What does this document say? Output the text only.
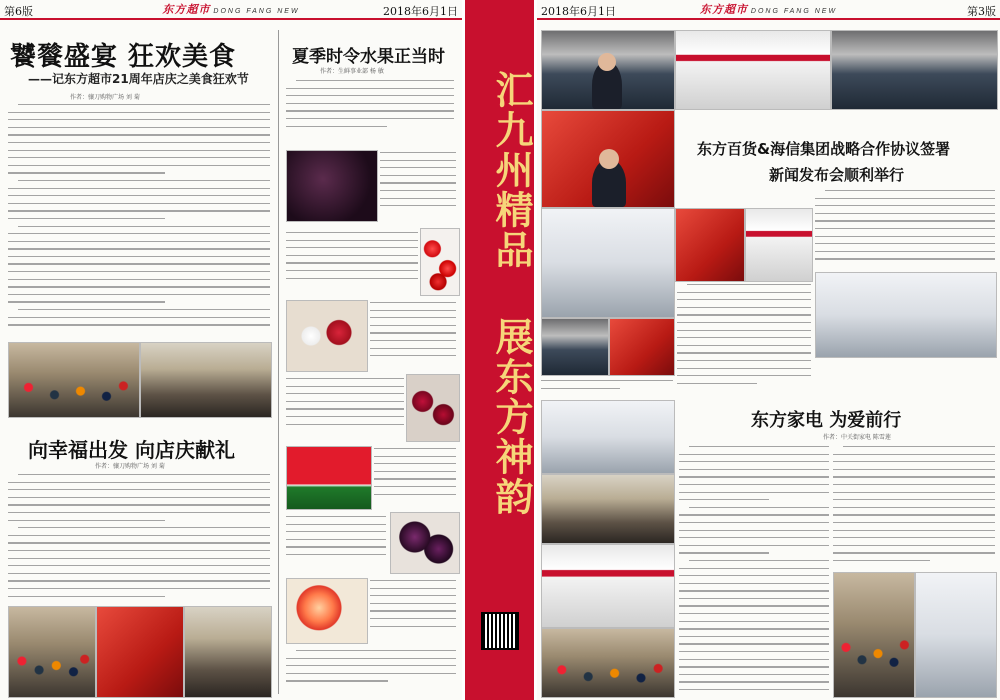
第6版	东方超市 DONG FANG NEW	2018年6月1日
饕餮盛宴 狂欢美食
——记东方超市21周年店庆之美食狂欢节
作者：骧刀购物广场 刘 菊
向幸福出发 向店庆献礼
作者：骧刀购物广场 刘 菊
夏季时令水果正当时
作者：生鲜事业部 杨 敏	汇九州精品 展东方神韵
2018年6月1日	东方超市 DONG FANG NEW	第3版
东方百货&海信集团战略合作协议签署
新闻发布会顺利举行
东方家电 为爱前行
作者：中关街家电 陈雪莲
